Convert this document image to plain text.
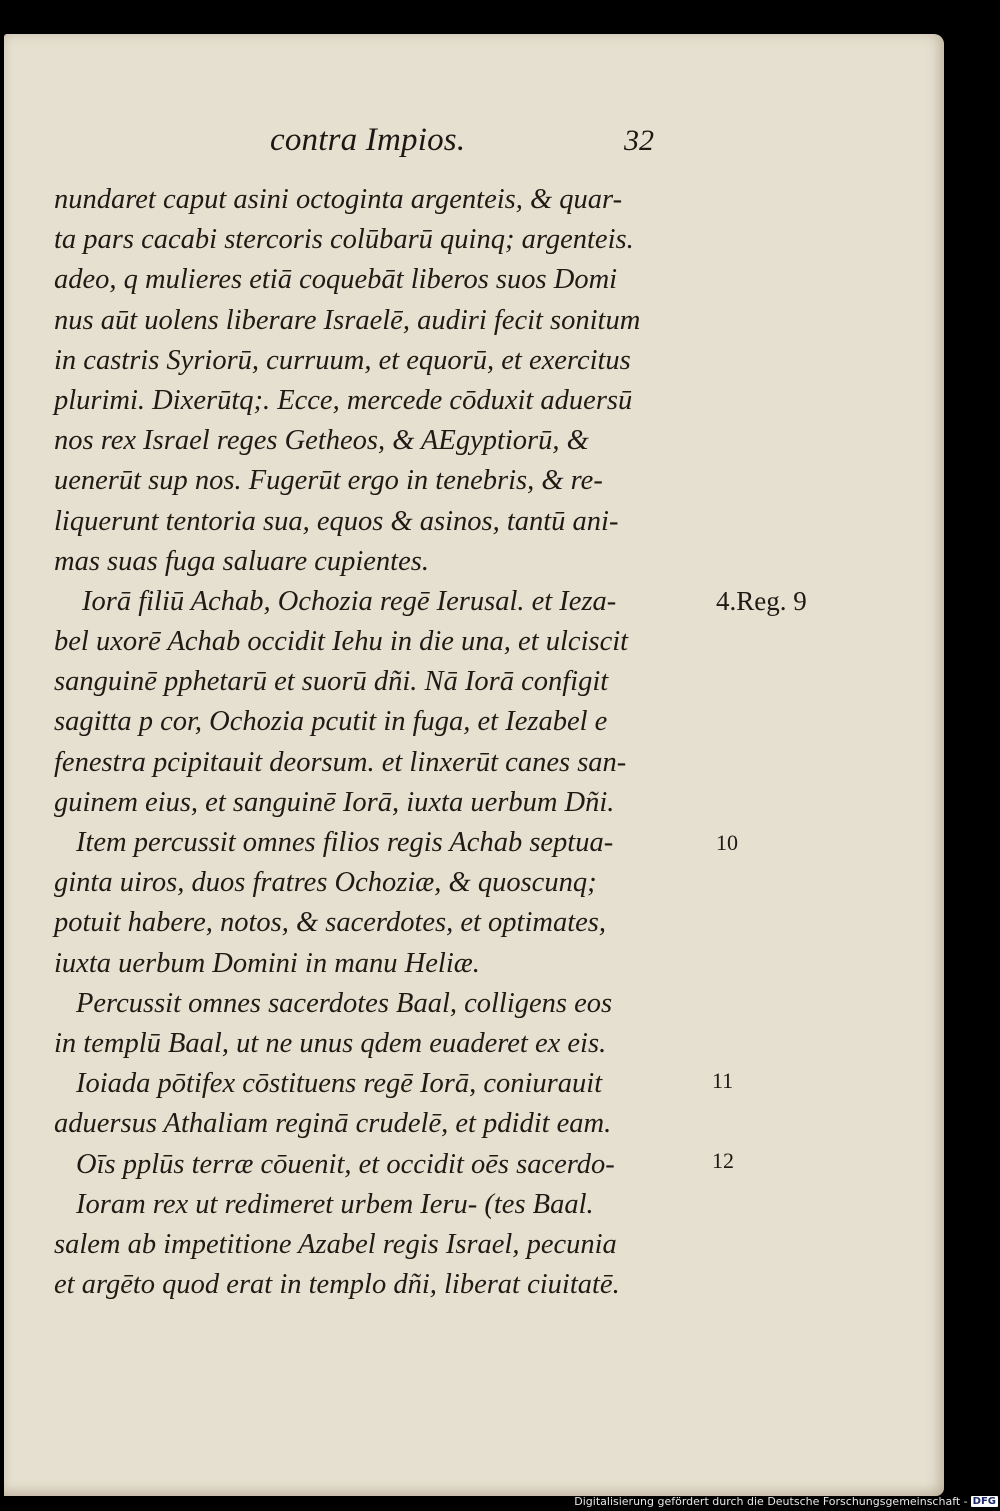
contra Impios.	32
nundaret caput asini octoginta argenteis, & quar-
ta pars cacabi stercoris colūbarū quinq; argenteis.
adeo, q mulieres etiā coquebāt liberos suos Domi
nus aūt uolens liberare Israelē, audiri fecit sonitum
in castris Syriorū, curruum, et equorū, et exercitus
plurimi. Dixerūtq;. Ecce, mercede cōduxit aduersū
nos rex Israel reges Getheos, & AEgyptiorū, &
uenerūt sup nos. Fugerūt ergo in tenebris, & re-
liquerunt tentoria sua, equos & asinos, tantū ani-
mas suas fuga saluare cupientes.
Iorā filiū Achab, Ochozia regē Ierusal. et Ieza-
bel uxorē Achab occidit Iehu in die una, et ulciscit
sanguinē pphetarū et suorū dñi. Nā Iorā configit
sagitta p cor, Ochozia pcutit in fuga, et Iezabel e
fenestra pcipitauit deorsum. et linxerūt canes san-
guinem eius, et sanguinē Iorā, iuxta uerbum Dñi.
Item percussit omnes filios regis Achab septua-
ginta uiros, duos fratres Ochoziæ, & quoscunq;
potuit habere, notos, & sacerdotes, et optimates,
iuxta uerbum Domini in manu Heliæ.
Percussit omnes sacerdotes Baal, colligens eos
in templū Baal, ut ne unus qdem euaderet ex eis.
Ioiada pōtifex cōstituens regē Iorā, coniurauit
aduersus Athaliam reginā crudelē, et pdidit eam.
Oīs pplūs terræ cōuenit, et occidit oēs sacerdo-
Ioram rex ut redimeret urbem Ieru- (tes Baal.
salem ab impetitione Azabel regis Israel, pecunia
et argēto quod erat in templo dñi, liberat ciuitatē.
4.Reg. 9
10
11
12
Digitalisierung gefördert durch die Deutsche Forschungsgemeinschaft - DFG
